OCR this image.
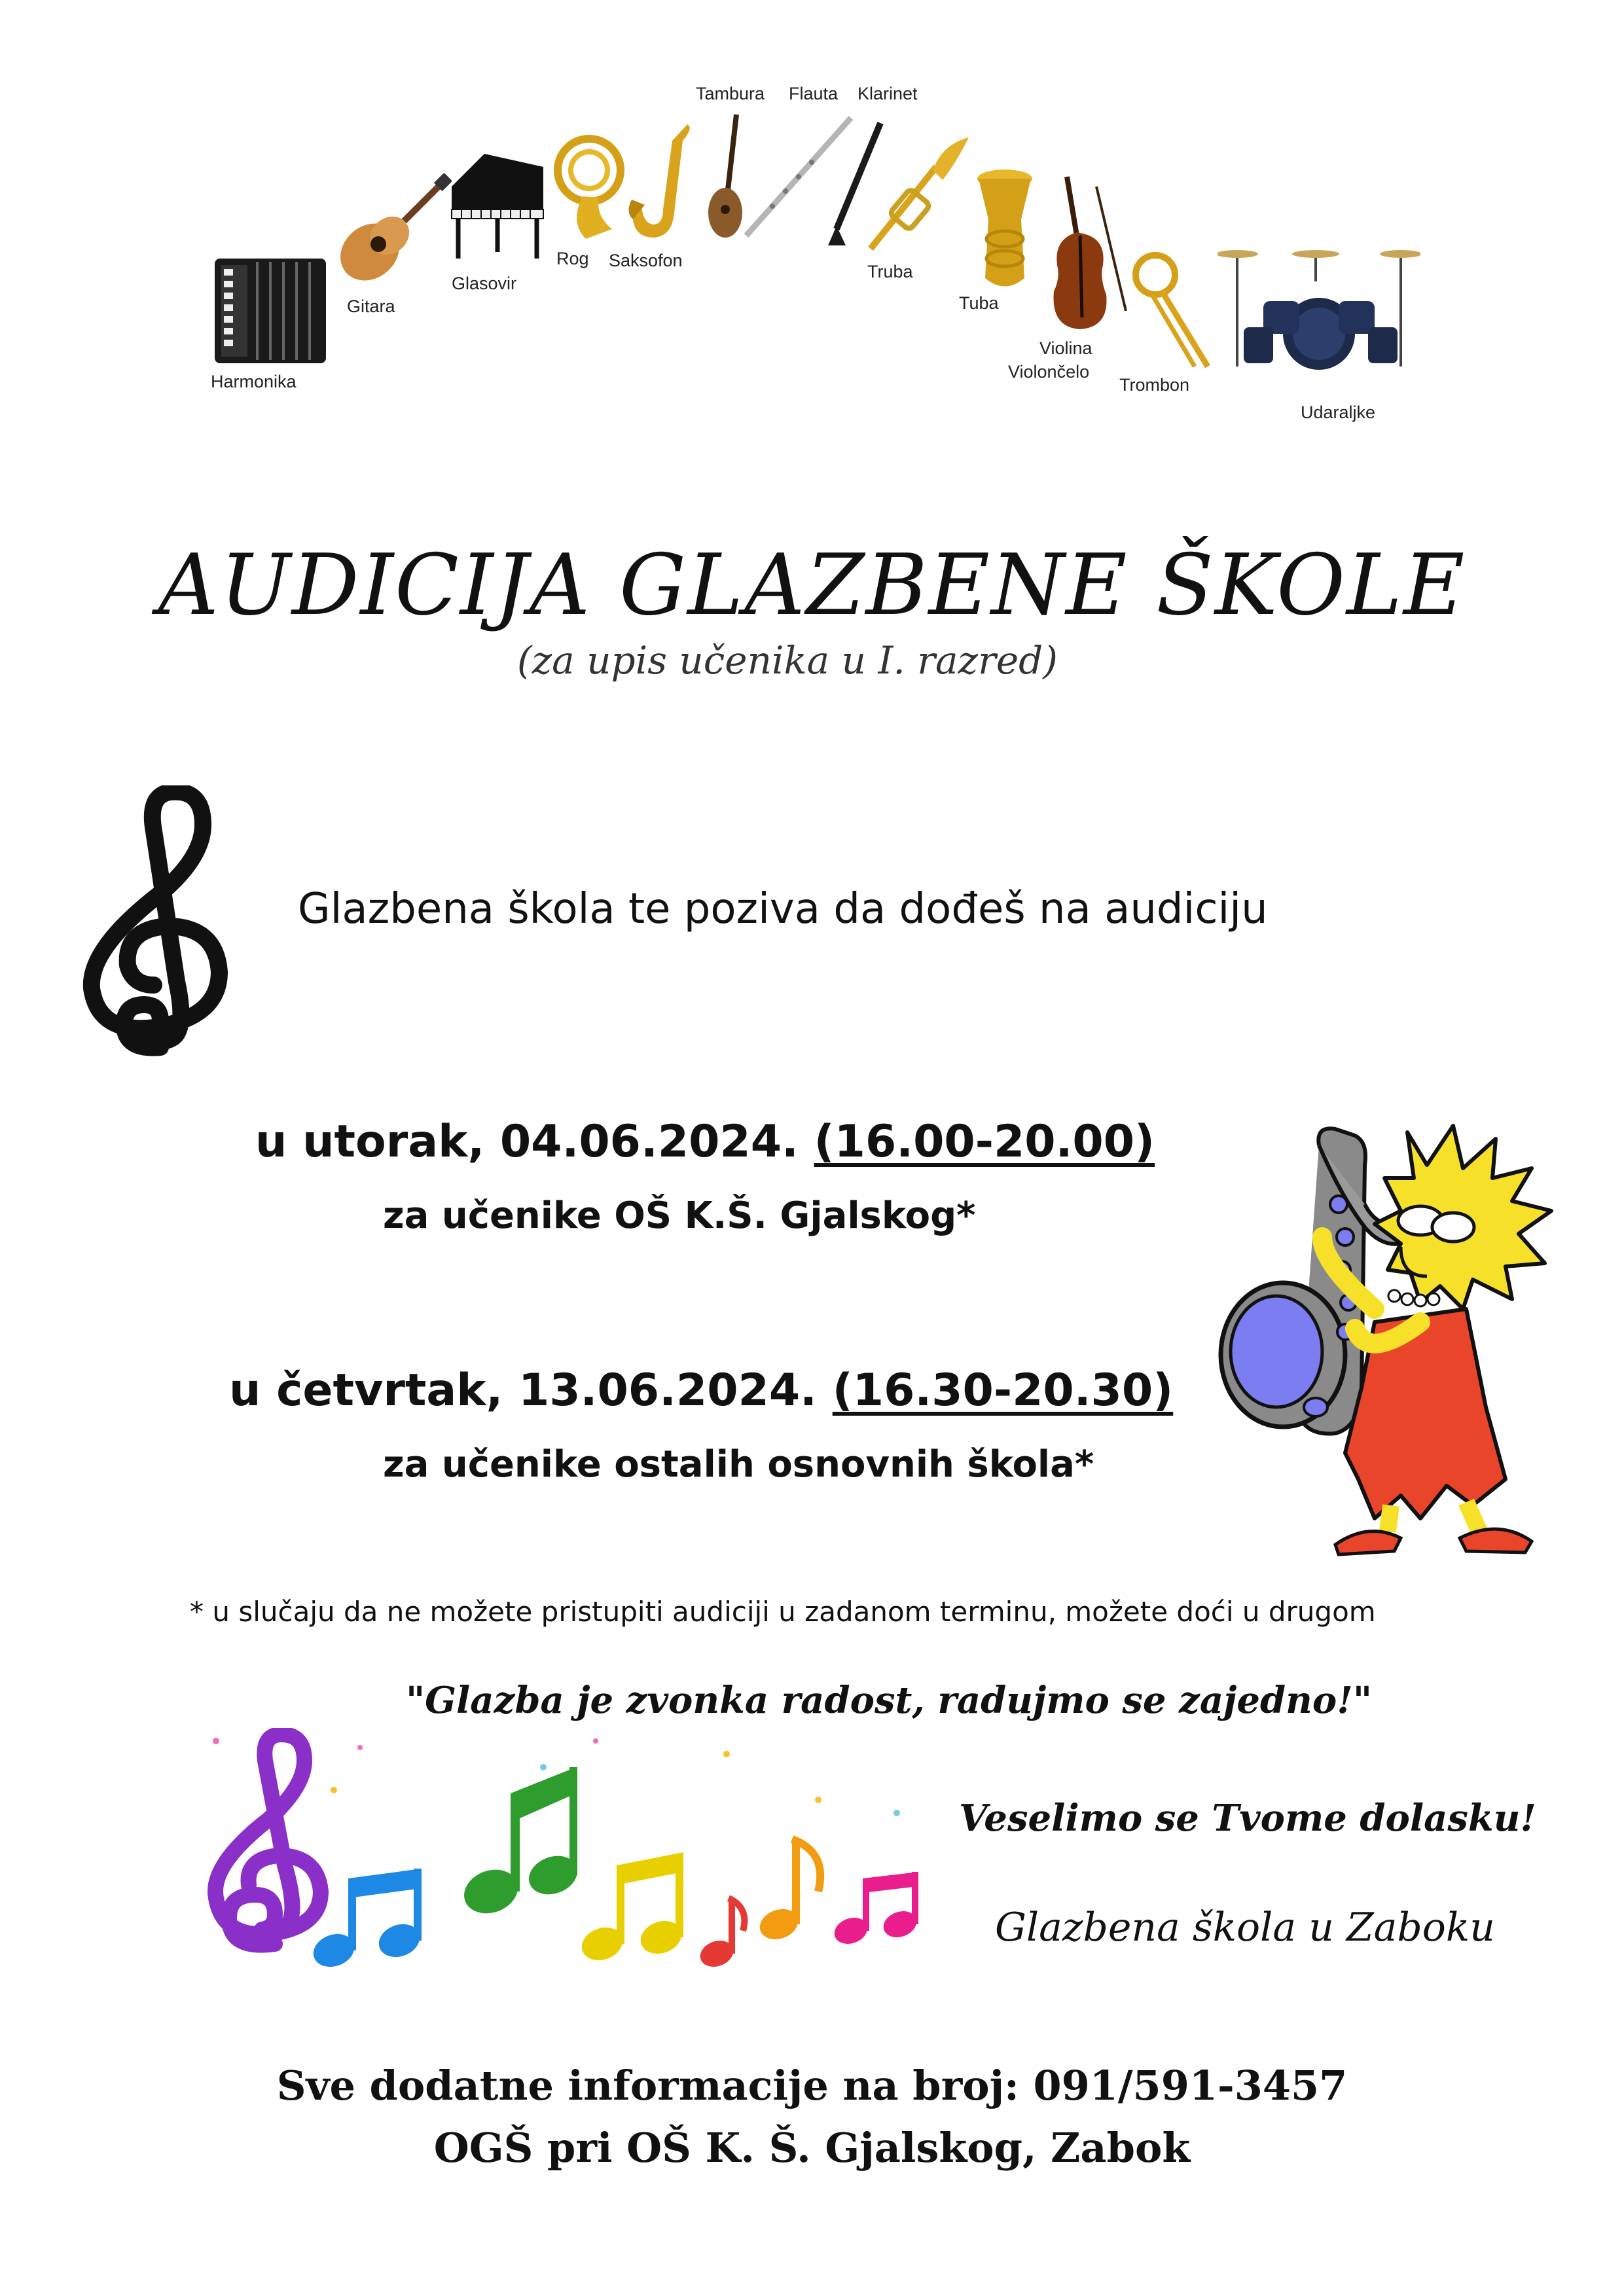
Harmonika
Gitara
Glasovir
Rog Saksofon
Tambura Flauta Klarinet
Truba
Tuba
Violina
Violončelo
Trombon
Udaraljke
AUDICIJA GLAZBENE ŠKOLE
(za upis učenika u I. razred)
Glazbena škola te poziva da dođeš na audiciju
u utorak, 04.06.2024. (16.00-20.00)
za učenike OŠ K.Š. Gjalskog*
u četvrtak, 13.06.2024. (16.30-20.30)
za učenike ostalih osnovnih škola*
* u slučaju da ne možete pristupiti audiciji u zadanom terminu, možete doći u drugom
"Glazba je zvonka radost, radujmo se zajedno!"
Veselimo se Tvome dolasku!
Glazbena škola u Zaboku
Sve dodatne informacije na broj: 091/591-3457
OGŠ pri OŠ K. Š. Gjalskog, Zabok
